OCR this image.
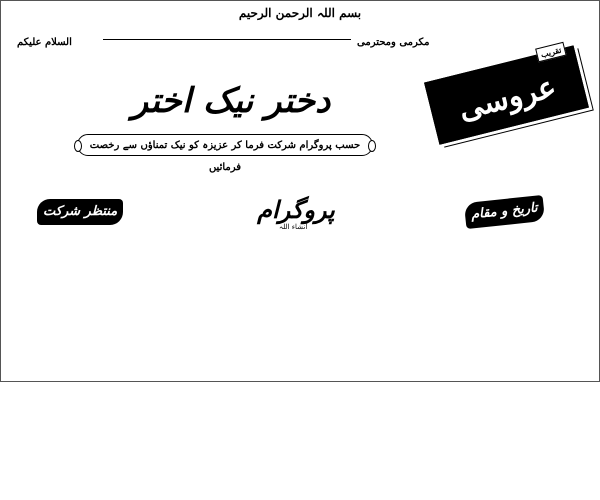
بسم اللہ الرحمن الرحیم
السلام علیکم	مکرمی ومحترمی
عروسی
تقریب
دختر نیک اختر
حسب پروگرام شرکت فرما کر عزیزہ کو نیک تمناؤں سے رخصت فرمائیں
منتظر شرکت	پروگرام
انشاء اللہ
تاریخ و مقام
